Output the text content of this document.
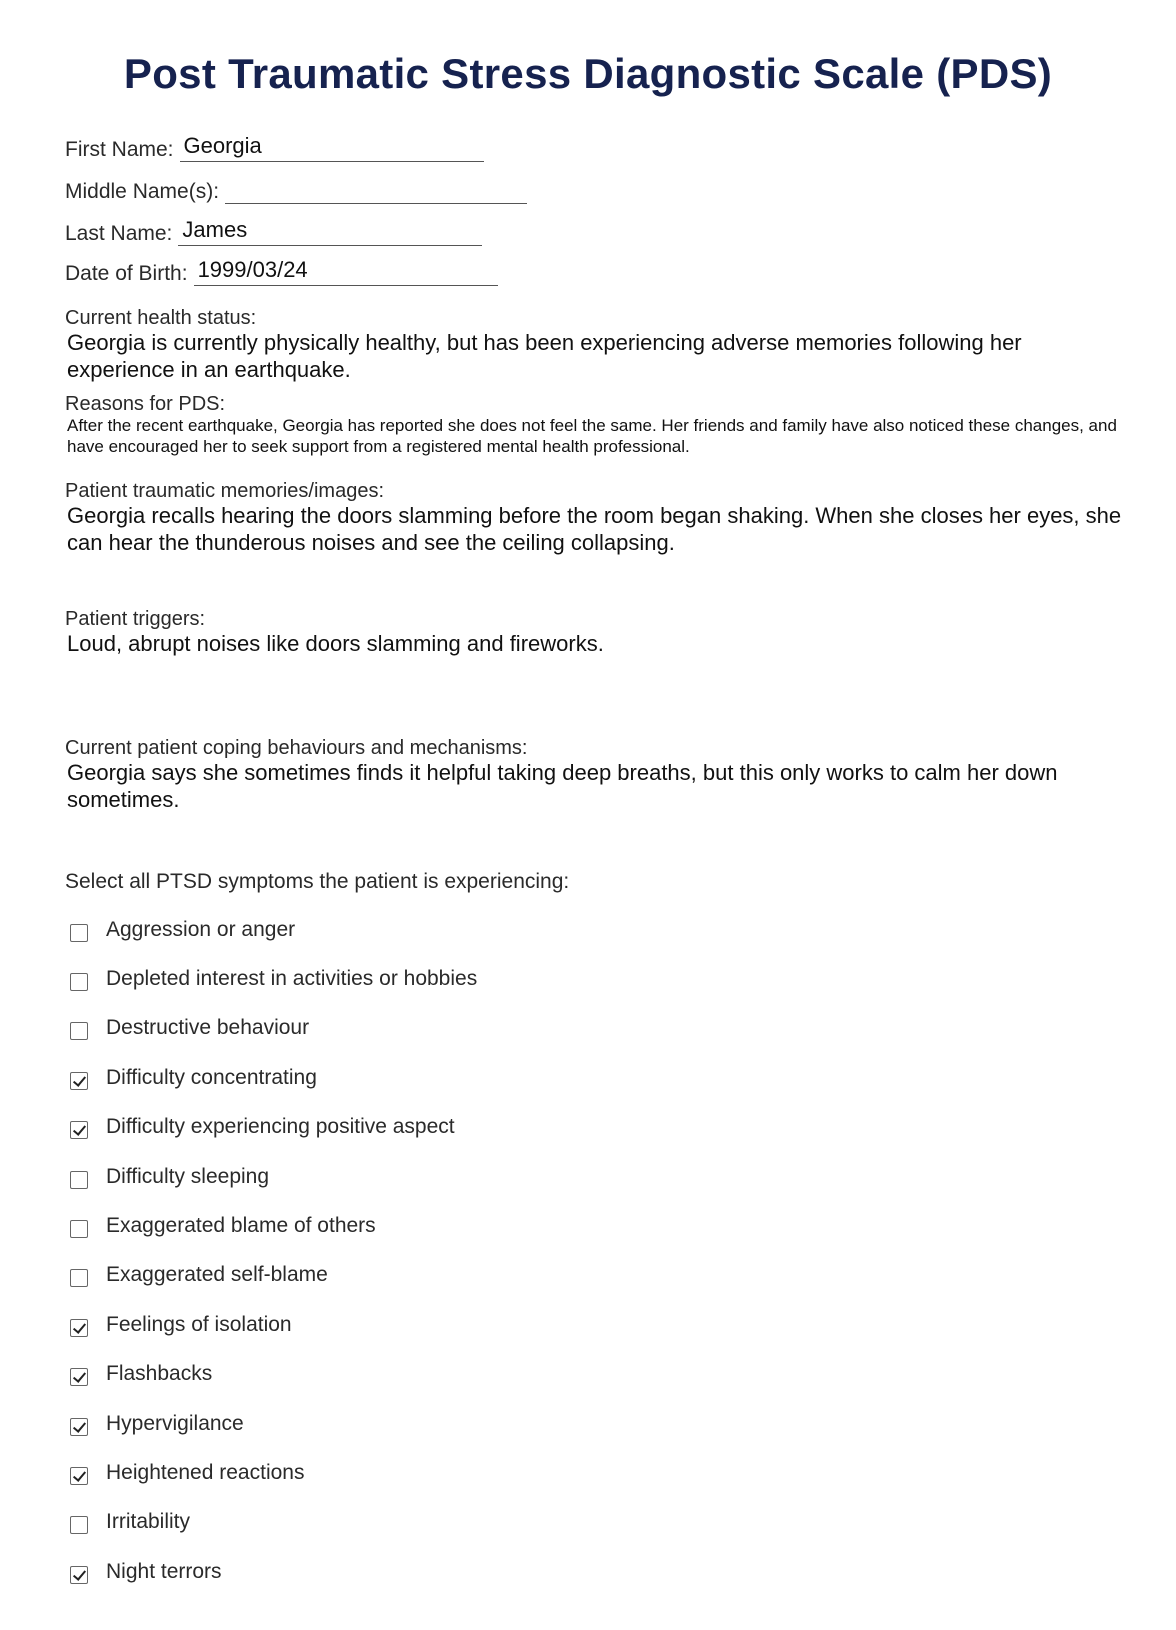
Post Traumatic Stress Diagnostic Scale (PDS)
First Name: Georgia
Middle Name(s):
Last Name: James
Date of Birth: 1999/03/24
Current health status:
Georgia is currently physically healthy, but has been experiencing adverse memories following her experience in an earthquake.
Reasons for PDS:
After the recent earthquake, Georgia has reported she does not feel the same. Her friends and family have also noticed these changes, and have encouraged her to seek support from a registered mental health professional.
Patient traumatic memories/images:
Georgia recalls hearing the doors slamming before the room began shaking. When she closes her eyes, she can hear the thunderous noises and see the ceiling collapsing.
Patient triggers:
Loud, abrupt noises like doors slamming and fireworks.
Current patient coping behaviours and mechanisms:
Georgia says she sometimes finds it helpful taking deep breaths, but this only works to calm her down sometimes.
Select all PTSD symptoms the patient is experiencing:
Aggression or anger
Depleted interest in activities or hobbies
Destructive behaviour
Difficulty concentrating
Difficulty experiencing positive aspect
Difficulty sleeping
Exaggerated blame of others
Exaggerated self-blame
Feelings of isolation
Flashbacks
Hypervigilance
Heightened reactions
Irritability
Night terrors
